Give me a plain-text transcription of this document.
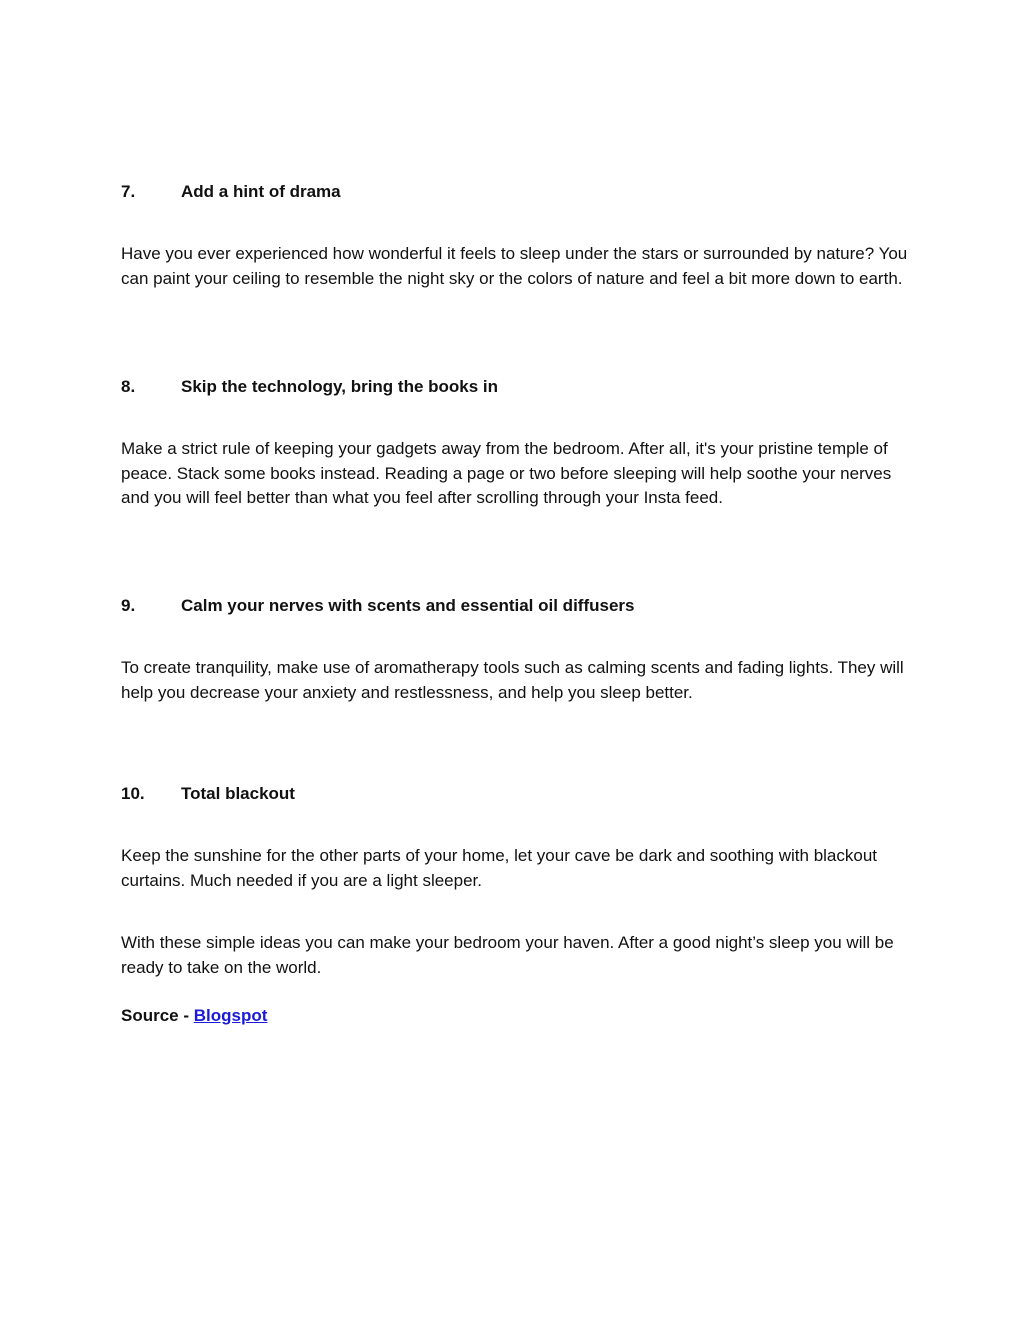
7.	Add a hint of drama

Have you ever experienced how wonderful it feels to sleep under the stars or surrounded by nature? You can paint your ceiling to resemble the night sky or the colors of nature and feel a bit more down to earth.

8.	Skip the technology, bring the books in

Make a strict rule of keeping your gadgets away from the bedroom. After all, it's your pristine temple of peace. Stack some books instead. Reading a page or two before sleeping will help soothe your nerves and you will feel better than what you feel after scrolling through your Insta feed.

9.	Calm your nerves with scents and essential oil diffusers

To create tranquility, make use of aromatherapy tools such as calming scents and fading lights. They will help you decrease your anxiety and restlessness, and help you sleep better.

10. Total blackout

Keep the sunshine for the other parts of your home, let your cave be dark and soothing with blackout curtains. Much needed if you are a light sleeper.

With these simple ideas you can make your bedroom your haven. After a good night’s sleep you will be ready to take on the world.

Source - Blogspot
